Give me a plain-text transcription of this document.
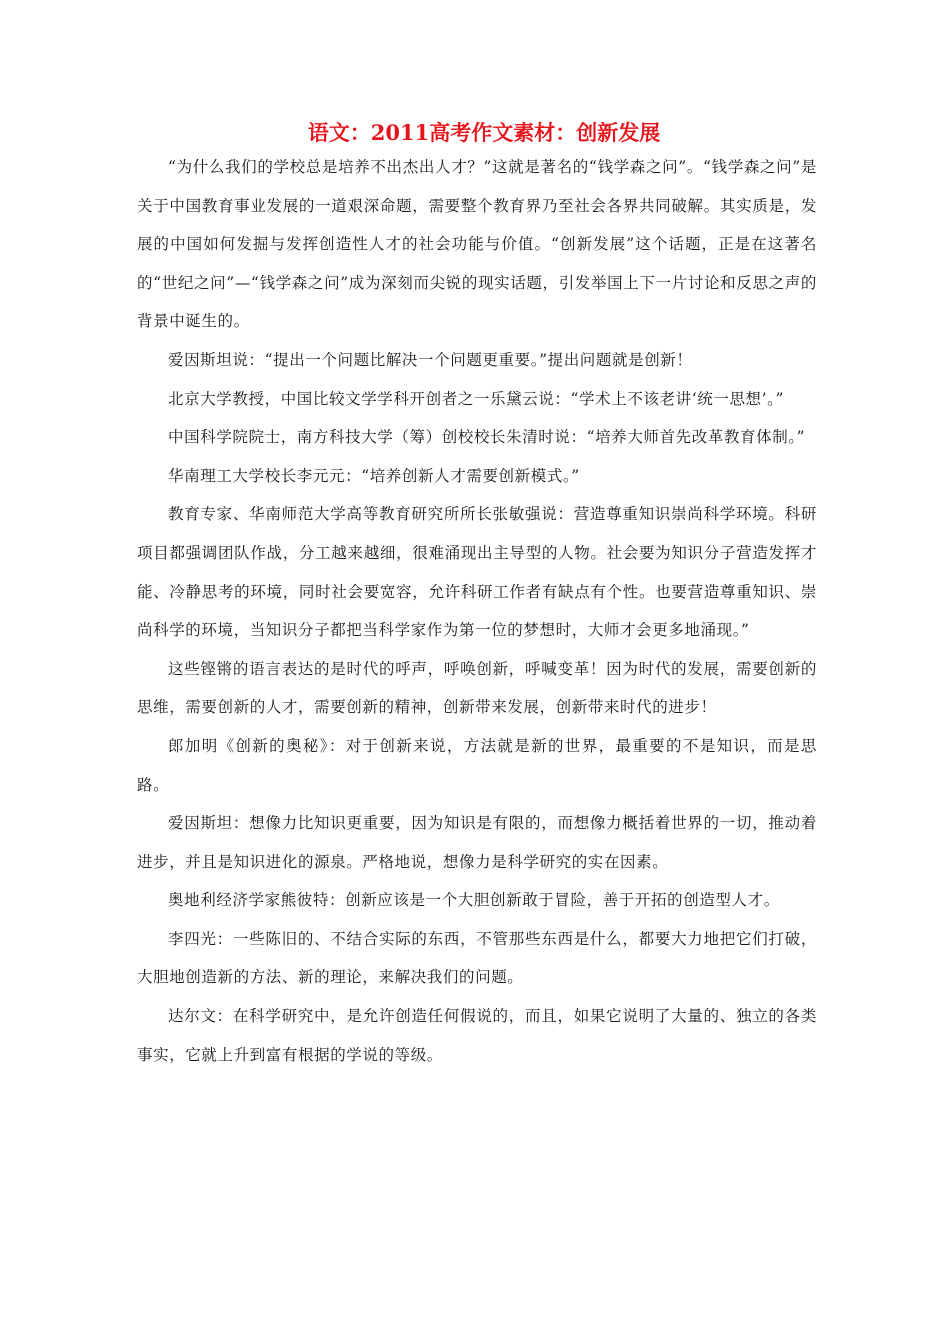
语文：2011高考作文素材：创新发展

“为什么我们的学校总是培养不出杰出人才？”这就是著名的“钱学森之问”。“钱学森之问”是关于中国教育事业发展的一道艰深命题，需要整个教育界乃至社会各界共同破解。其实质是，发展的中国如何发掘与发挥创造性人才的社会功能与价值。“创新发展”这个话题，正是在这著名的“世纪之问”—“钱学森之问”成为深刻而尖锐的现实话题，引发举国上下一片讨论和反思之声的背景中诞生的。

爱因斯坦说：“提出一个问题比解决一个问题更重要。”提出问题就是创新！

北京大学教授，中国比较文学学科开创者之一乐黛云说：“学术上不该老讲‘统一思想’。”

中国科学院院士，南方科技大学（筹）创校校长朱清时说：“培养大师首先改革教育体制。”

华南理工大学校长李元元：“培养创新人才需要创新模式。”

教育专家、华南师范大学高等教育研究所所长张敏强说：营造尊重知识崇尚科学环境。科研项目都强调团队作战，分工越来越细，很难涌现出主导型的人物。社会要为知识分子营造发挥才能、冷静思考的环境，同时社会要宽容，允许科研工作者有缺点有个性。也要营造尊重知识、崇尚科学的环境，当知识分子都把当科学家作为第一位的梦想时，大师才会更多地涌现。”

这些铿锵的语言表达的是时代的呼声，呼唤创新，呼喊变革！因为时代的发展，需要创新的思维，需要创新的人才，需要创新的精神，创新带来发展，创新带来时代的进步！

郎加明《创新的奥秘》：对于创新来说，方法就是新的世界，最重要的不是知识，而是思路。

爱因斯坦：想像力比知识更重要，因为知识是有限的，而想像力概括着世界的一切，推动着进步，并且是知识进化的源泉。严格地说，想像力是科学研究的实在因素。

奥地利经济学家熊彼特：创新应该是一个大胆创新敢于冒险，善于开拓的创造型人才。

李四光：一些陈旧的、不结合实际的东西，不管那些东西是什么，都要大力地把它们打破，大胆地创造新的方法、新的理论，来解决我们的问题。

达尔文：在科学研究中，是允许创造任何假说的，而且，如果它说明了大量的、独立的各类事实，它就上升到富有根据的学说的等级。
